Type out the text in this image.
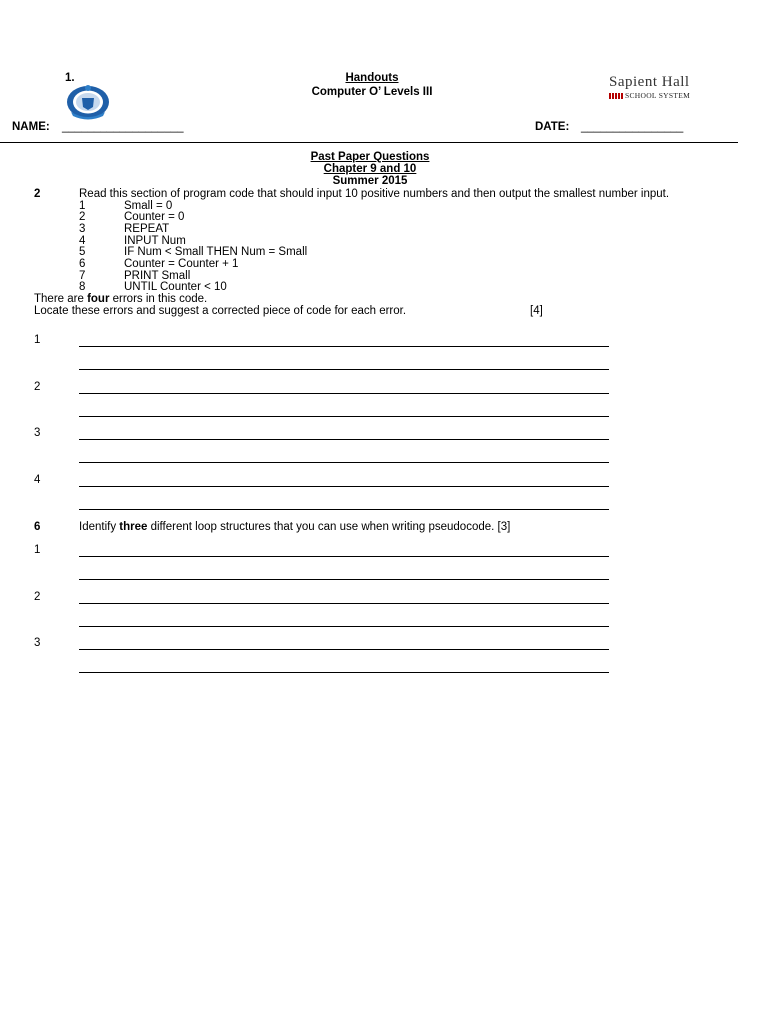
1.	Handouts
Computer O’ Levels III
Sapient Hall
SCHOOL SYSTEM
NAME: ___________________	DATE: ________________
Past Paper Questions
Chapter 9 and 10
Summer 2015
2	Read this section of program code that should input 10 positive numbers and then output the smallest number input.
1	Small = 0
2	Counter = 0
3	REPEAT
4	INPUT Num
5	IF Num < Small THEN Num = Small
6	Counter = Counter + 1
7	PRINT Small
8	UNTIL Counter < 10
There are four errors in this code.
Locate these errors and suggest a corrected piece of code for each error.	[4]
1
2
3
4
6	Identify three different loop structures that you can use when writing pseudocode. [3]
1
2
3
